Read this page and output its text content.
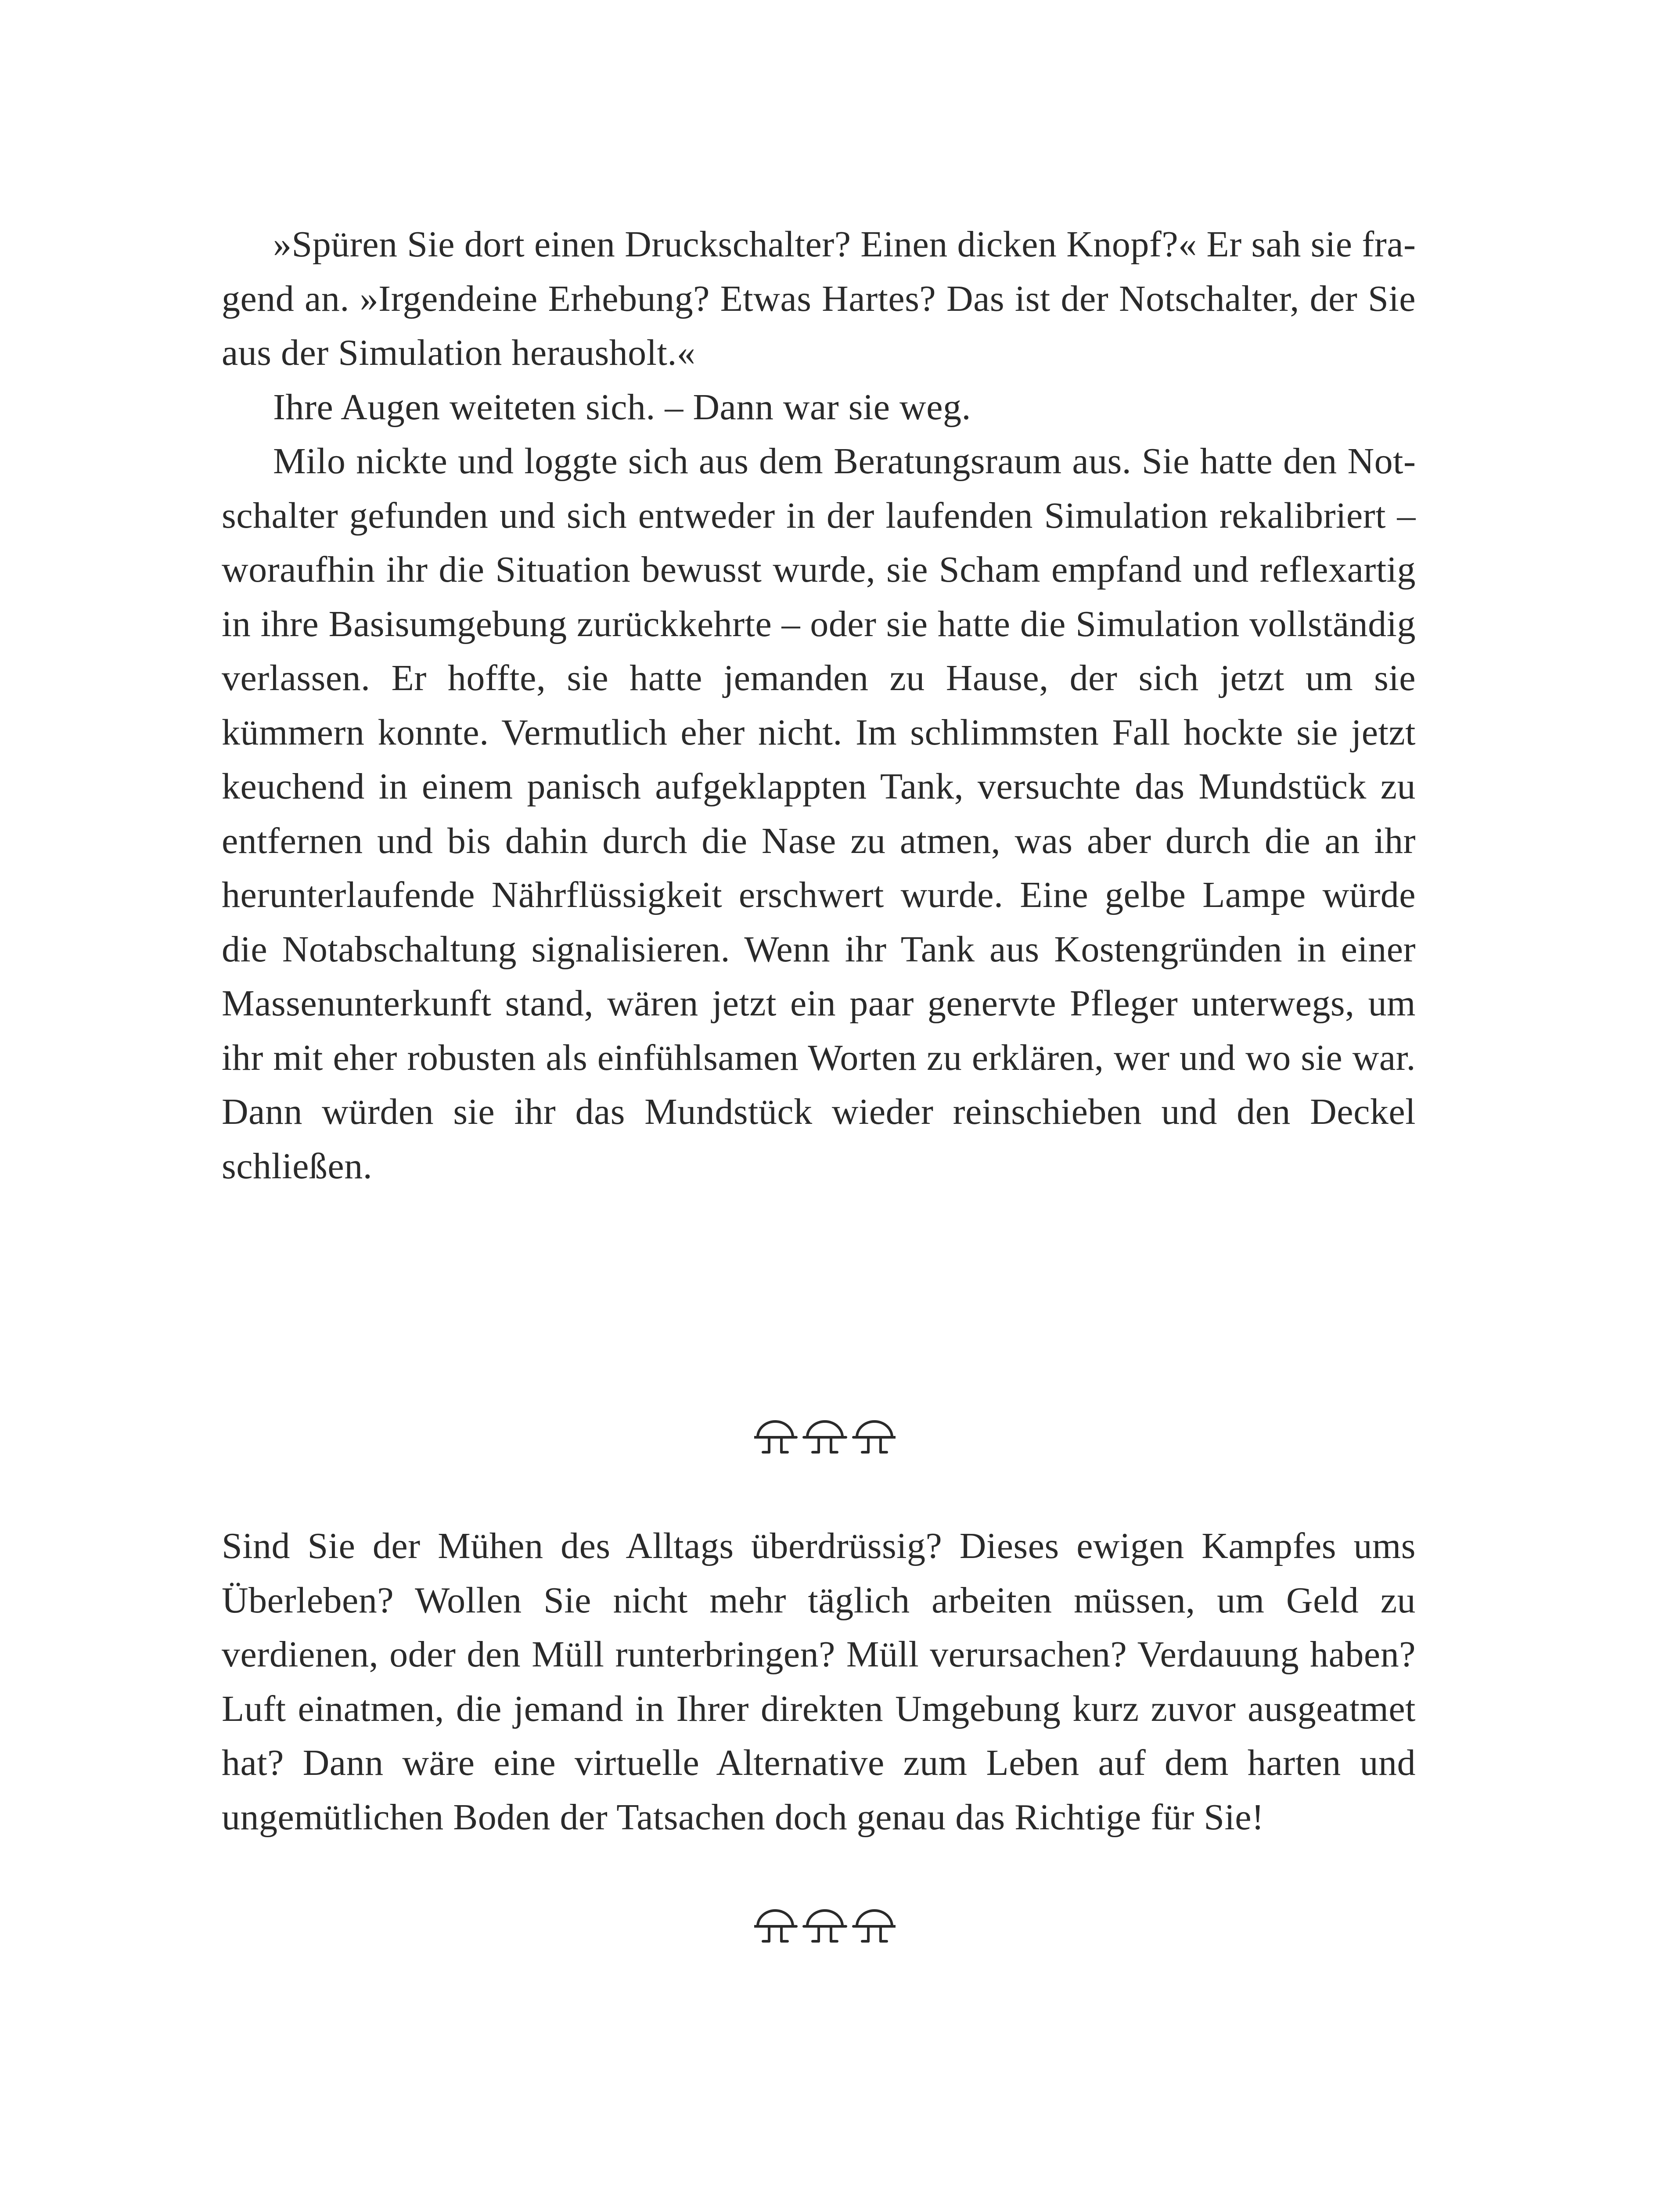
»Spüren Sie dort einen Druckschalter? Einen dicken Knopf?« Er sah sie fragend an. »Irgendeine Erhebung? Etwas Hartes? Das ist der Notschalter, der Sie aus der Simulation herausholt.«

Ihre Augen weiteten sich. – Dann war sie weg.

Milo nickte und loggte sich aus dem Beratungsraum aus. Sie hatte den Notschalter gefunden und sich entweder in der laufenden Simulation rekalibriert – woraufhin ihr die Situation bewusst wurde, sie Scham empfand und reflexartig in ihre Basisumgebung zurückkehrte – oder sie hatte die Simulation vollständig verlassen. Er hoffte, sie hatte jemanden zu Hause, der sich jetzt um sie kümmern konnte. Vermutlich eher nicht. Im schlimmsten Fall hockte sie jetzt keuchend in einem panisch aufgeklappten Tank, versuchte das Mundstück zu entfernen und bis dahin durch die Nase zu atmen, was aber durch die an ihr herunterlaufende Nährflüssigkeit erschwert wurde. Eine gelbe Lampe würde die Notabschaltung signalisieren. Wenn ihr Tank aus Kostengründen in einer Massenunterkunft stand, wären jetzt ein paar genervte Pfleger unterwegs, um ihr mit eher robusten als einfühlsamen Worten zu erklären, wer und wo sie war. Dann würden sie ihr das Mundstück wieder reinschieben und den Deckel schließen.

Sind Sie der Mühen des Alltags überdrüssig? Dieses ewigen Kampfes ums Überleben? Wollen Sie nicht mehr täglich arbeiten müssen, um Geld zu verdienen, oder den Müll runterbringen? Müll verursachen? Verdauung haben? Luft einatmen, die jemand in Ihrer direkten Umgebung kurz zuvor ausgeatmet hat? Dann wäre eine virtuelle Alternative zum Leben auf dem harten und ungemütlichen Boden der Tatsachen doch genau das Richtige für Sie!
